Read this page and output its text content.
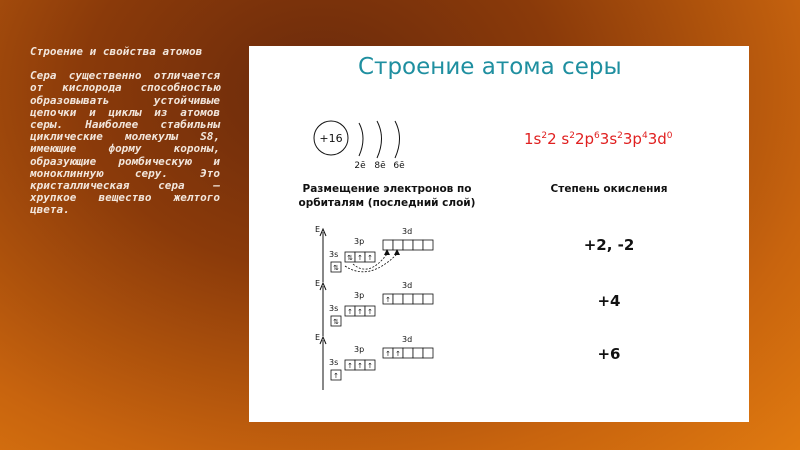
Строение и свойства атомов

Сера существенно отличается от кислорода способностью образовывать устойчивые цепочки и циклы из атомов серы. Наиболее стабильны циклические молекулы S8, имеющие форму короны, образующие ромбическую и моноклинную серу. Это кристаллическая сера — хрупкое вещество желтого цвета.

Строение атома серы
+16
2ē 8ē 6ē
$1s^22$ $s^22p^63s^23p^43d^0$
Размещение электронов по орбиталям (последний слой)
Степень окисления
E
3s
3p
3d
⇅
⇅ ↑ ↑
+2, -2
E
3s
3p
3d
⇅
↑ ↑ ↑
↑	+4
E
3s
3p
3d
↑
↑ ↑ ↑
↑ ↑	+6
